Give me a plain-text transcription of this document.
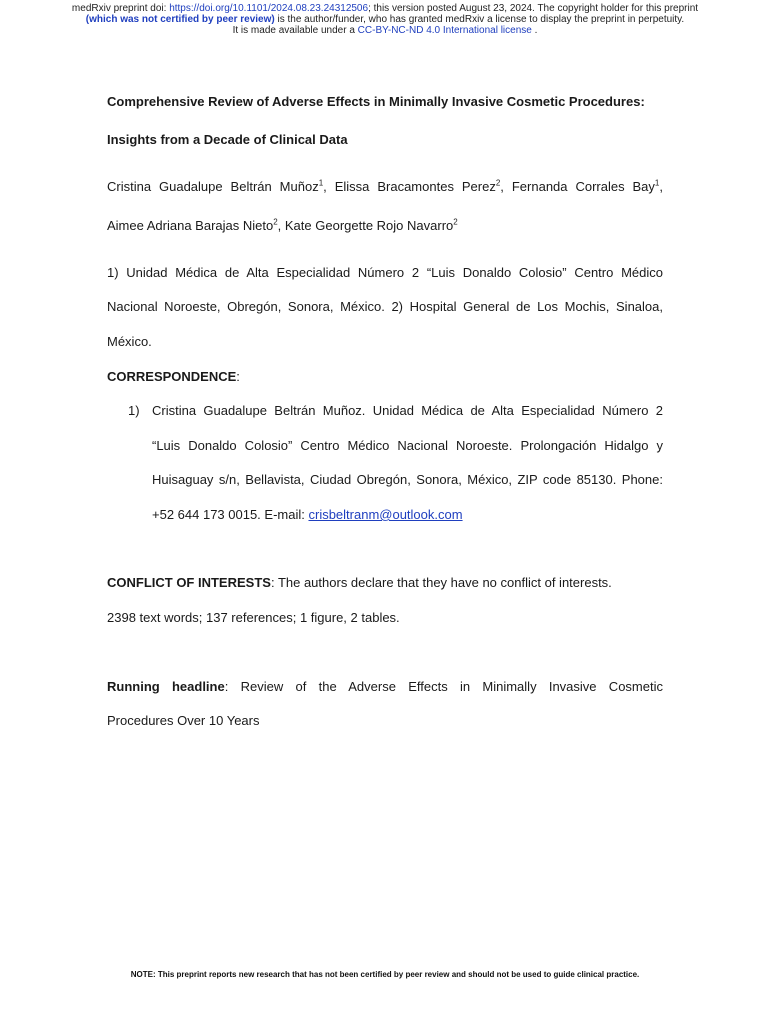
medRxiv preprint doi: https://doi.org/10.1101/2024.08.23.24312506; this version posted August 23, 2024. The copyright holder for this preprint
(which was not certified by peer review) is the author/funder, who has granted medRxiv a license to display the preprint in perpetuity.
It is made available under a CC-BY-NC-ND 4.0 International license .
Comprehensive Review of Adverse Effects in Minimally Invasive Cosmetic Procedures:
Insights from a Decade of Clinical Data
Cristina Guadalupe Beltrán Muñoz$^1$, Elissa Bracamontes Perez$^2$, Fernanda Corrales Bay$^1$,
Aimee Adriana Barajas Nieto$^2$, Kate Georgette Rojo Navarro$^2$
1) Unidad Médica de Alta Especialidad Número 2 “Luis Donaldo Colosio” Centro Médico
Nacional Noroeste, Obregón, Sonora, México. 2) Hospital General de Los Mochis, Sinaloa,
México.
CORRESPONDENCE:
1) Cristina Guadalupe Beltrán Muñoz. Unidad Médica de Alta Especialidad Número 2
“Luis Donaldo Colosio” Centro Médico Nacional Noroeste. Prolongación Hidalgo y
Huisaguay s/n, Bellavista, Ciudad Obregón, Sonora, México, ZIP code 85130. Phone:
+52 644 173 0015. E-mail: crisbeltranm@outlook.com
CONFLICT OF INTERESTS: The authors declare that they have no conflict of interests.
2398 text words; 137 references; 1 figure, 2 tables.
Running headline: Review of the Adverse Effects in Minimally Invasive Cosmetic
Procedures Over 10 Years
NOTE: This preprint reports new research that has not been certified by peer review and should not be used to guide clinical practice.
